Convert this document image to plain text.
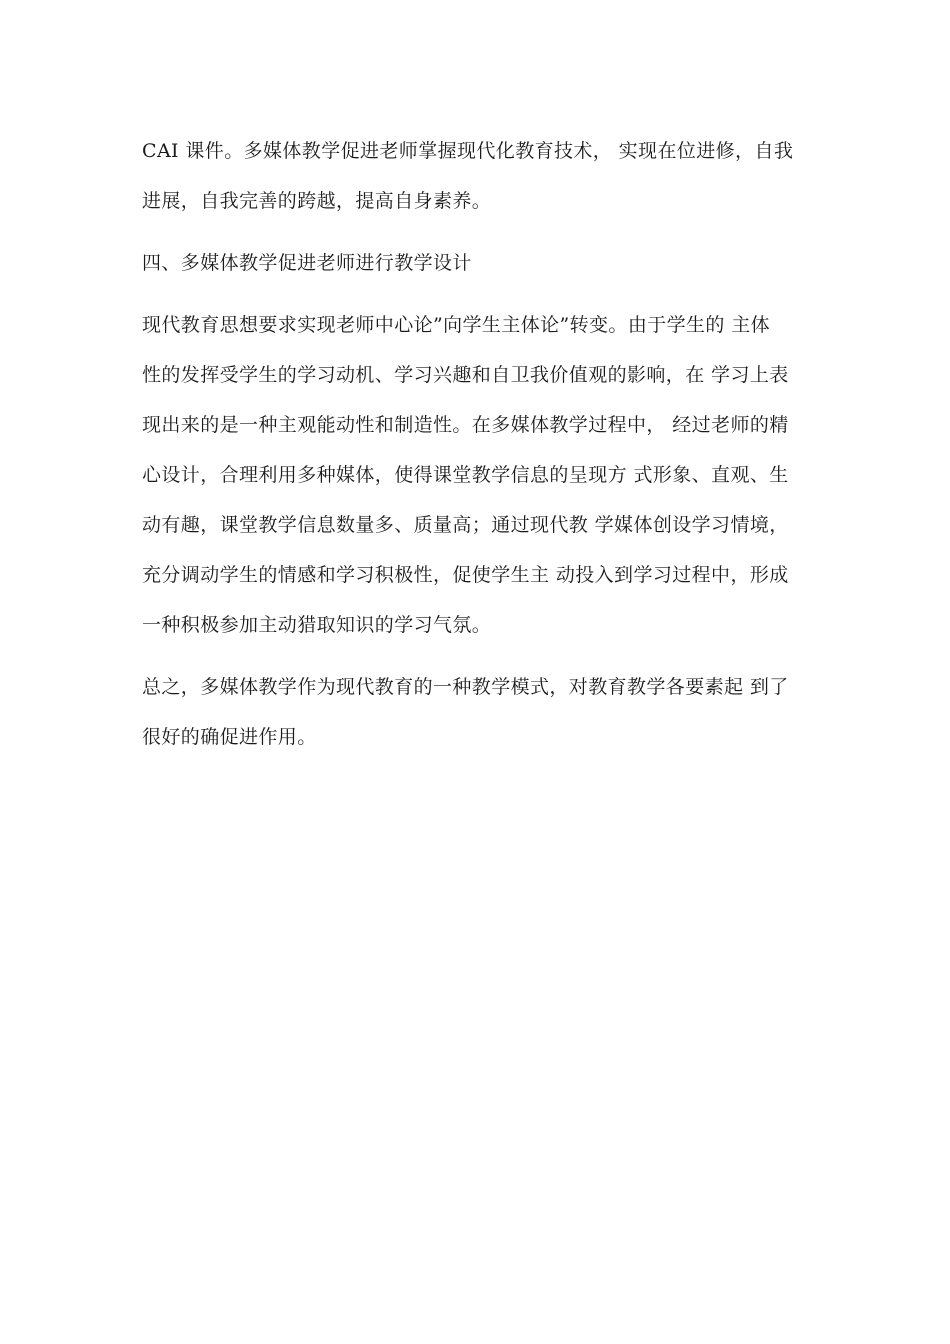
CAI 课件。多媒体教学促进老师掌握现代化教育技术， 实现在位进修，自我
进展，自我完善的跨越，提高自身素养。
四、多媒体教学促进老师进行教学设计
现代教育思想要求实现老师中心论”向学生主体论”转变。由于学生的 主体
性的发挥受学生的学习动机、学习兴趣和自卫我价值观的影响，在 学习上表
现出来的是一种主观能动性和制造性。在多媒体教学过程中， 经过老师的精
心设计，合理利用多种媒体，使得课堂教学信息的呈现方 式形象、直观、生
动有趣，课堂教学信息数量多、质量高；通过现代教 学媒体创设学习情境，
充分调动学生的情感和学习积极性，促使学生主 动投入到学习过程中，形成
一种积极参加主动猎取知识的学习气氛。
总之，多媒体教学作为现代教育的一种教学模式，对教育教学各要素起 到了
很好的确促进作用。
